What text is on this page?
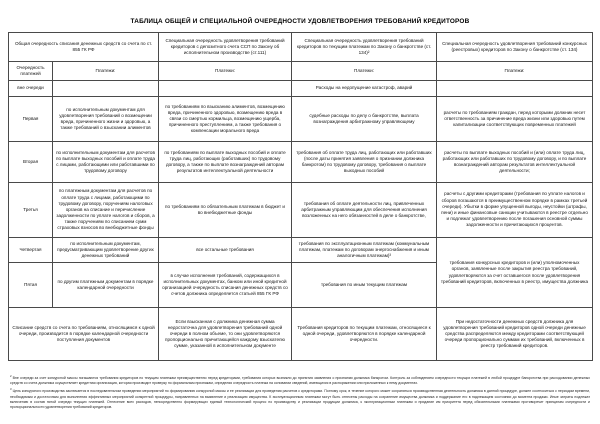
ТАБЛИЦА ОБЩЕЙ И СПЕЦИАЛЬНОЙ ОЧЕРЕДНОСТИ УДОВЛЕТВОРЕНИЯ ТРЕБОВАНИЙ КРЕДИТОРОВ
Общая очередность списания денежных средств со счета по ст. 855 ГК РФ		Специальная очередность удовлетворения требований кредиторов с депозитного счета ССП по Закону об исполнительном производстве (ст.111)	Специальная очередность удовлетворения требований кредиторов по текущим платежам по Закону о банкротстве (ст. 134)²	Специальная очередность удовлетворения требований конкурсных (реестровых) кредиторов по Закону о банкротстве (ст. 134)
Очередность платежей	Платежи:	Платежи:	Платежи:	Платежи:
вне очереди			Расходы на недопущение катастроф, аварий	
Первая	по исполнительным документам для удовлетворения требований о возмещении вреда, причиненного жизни и здоровью, а также требований о взыскании алиментов	по требованиям по взысканию алиментов, возмещению вреда, причиненного здоровью, возмещению вреда в связи со смертью кормильца, возмещению ущерба, причиненного преступлением, а также требования о компенсации морального вреда	судебные расходы по делу о банкротстве, выплата вознаграждения арбитражному управляющему	расчеты по требованиям граждан, перед которыми должник несет ответственность за причинение вреда жизни или здоровью путем капитализации соответствующих повременных платежей
Вторая	по исполнительным документам для расчетов по выплате выходных пособий и оплате труда с лицами, работающими или работавшими по трудовому договору	по требованиям по выплате выходных пособий и оплате труда лиц, работающих (работавших) по трудовому договору, а также по выплате вознаграждений авторам результатов интеллектуальной деятельности	требования об оплате труда лиц, работающих или работавших (после даты принятия заявления о признании должника банкротом) по трудовому договору, требования о выплате выходных пособий	расчеты по выплате выходных пособий и (или) оплате труда лиц, работающих или работавших по трудовому договору, и по выплате вознаграждений авторам результатов интеллектуальной деятельности;
Третья	по платежным документам для расчетов по оплате труда с лицами, работающими по трудовому договору, поручениям налоговых органов на списание и перечисление задолженности по уплате налогов и сборов, а также поручениям по списанием сумм страховых взносов во внебюджетные фонды	по требованиям по обязательным платежам в бюджет и во внебюджетные фонды	требования об оплате деятельности лиц, привлеченных арбитражным управляющим для обеспечения исполнения возложенных на него обязанностей в деле о банкротстве,	расчеты с другими кредиторами (требования по уплате налогов и сборов погашаются в преимущественном порядке в рамках третьей очереди). Убытки в форме упущенной выгоды, неустойки (штрафы, пени) и иные финансовые санкции учитываются в реестре отдельно и подлежат удовлетворению после погашения основной суммы задолженности и причитающихся процентов.
Четвертая	по исполнительным документам, предусматривающим удовлетворение других денежных требований	все остальные требования	требования по эксплуатационным платежам (коммунальным платежам, платежам по договорам энергоснабжения и иным аналогичным платежам)³	требования конкурсных кредиторов и (или) уполномоченных органов, заявленные после закрытия реестра требований, удовлетворяются за счет оставшегося после удовлетворения требований кредиторов, включенных в реестр, имущества должника
Пятая	по другим платежным документам в порядке календарной очередности	в случае исполнения требований, содержащихся в исполнительных документах, банком или иной кредитной организацией очередность списания денежных средств со счетов должника определяется статьей 855 ГК РФ	требования по иным текущим платежам	
Списание средств со счета по требованиям, относящимся к одной очереди, производится в порядке календарной очередности поступления документов	Если взысканная с должника денежная сумма недостаточна для удовлетворения требований одной очереди в полном объеме, то они удовлетворяются пропорционально причитающейся каждому взыскателю сумме, указанной в исполнительном документе	Требования кредиторов по текущим платежам, относящиеся к одной очереди, удовлетворяются в порядке календарной очередности.	При недостаточности денежных средств должника для удовлетворения требований кредиторов одной очереди денежные средства распределяются между кредиторами соответствующей очереди пропорционально суммам их требований, включенных в реестр требований кредиторов.
$^2$Вне очереди за счет конкурсной массы погашаются требования кредиторов по текущим платежам преимущественно перед кредиторами, требования которых возникли до принятия заявления о признании должника банкротом. Контроль за соблюдением очередности текущих платежей в любой процедуре банкротства при расходовании денежных средств со счета должника осуществляет кредитная организация, которая производит проверку по формальным признакам, определяя очередность платежа на основании сведений, имеющихся в распоряжении или приложенных к нему документах.
$^3$Цель конкурсного производства заключается в последовательном проведении мероприятий по формированию конкурсной массы и ее реализации для проведения расчетов с кредиторами. Поэтому срок, в течение которого может сохраняться производственная деятельность должника в данной процедуре, должен соотноситься с периодом времени, необходимым и достаточным для выполнения эффективных мероприятий конкретной процедуры, направленных на выявление и реализацию имущества. К эксплуатационным платежам могут быть отнесены расходы на сохранение имущества должника и поддержание его в надлежащем состоянии до момента продажи. Иные затраты подлежат включению в состав пятой очереди текущих платежей. Отнесение всех расходов, непосредственно формирующих единый технологический процесс по производству и реализации продукции должника, к эксплуатационным платежам и придание им приоритета перед обязательными платежами противоречит принципам очередности и пропорциональности удовлетворения требований кредиторов.
